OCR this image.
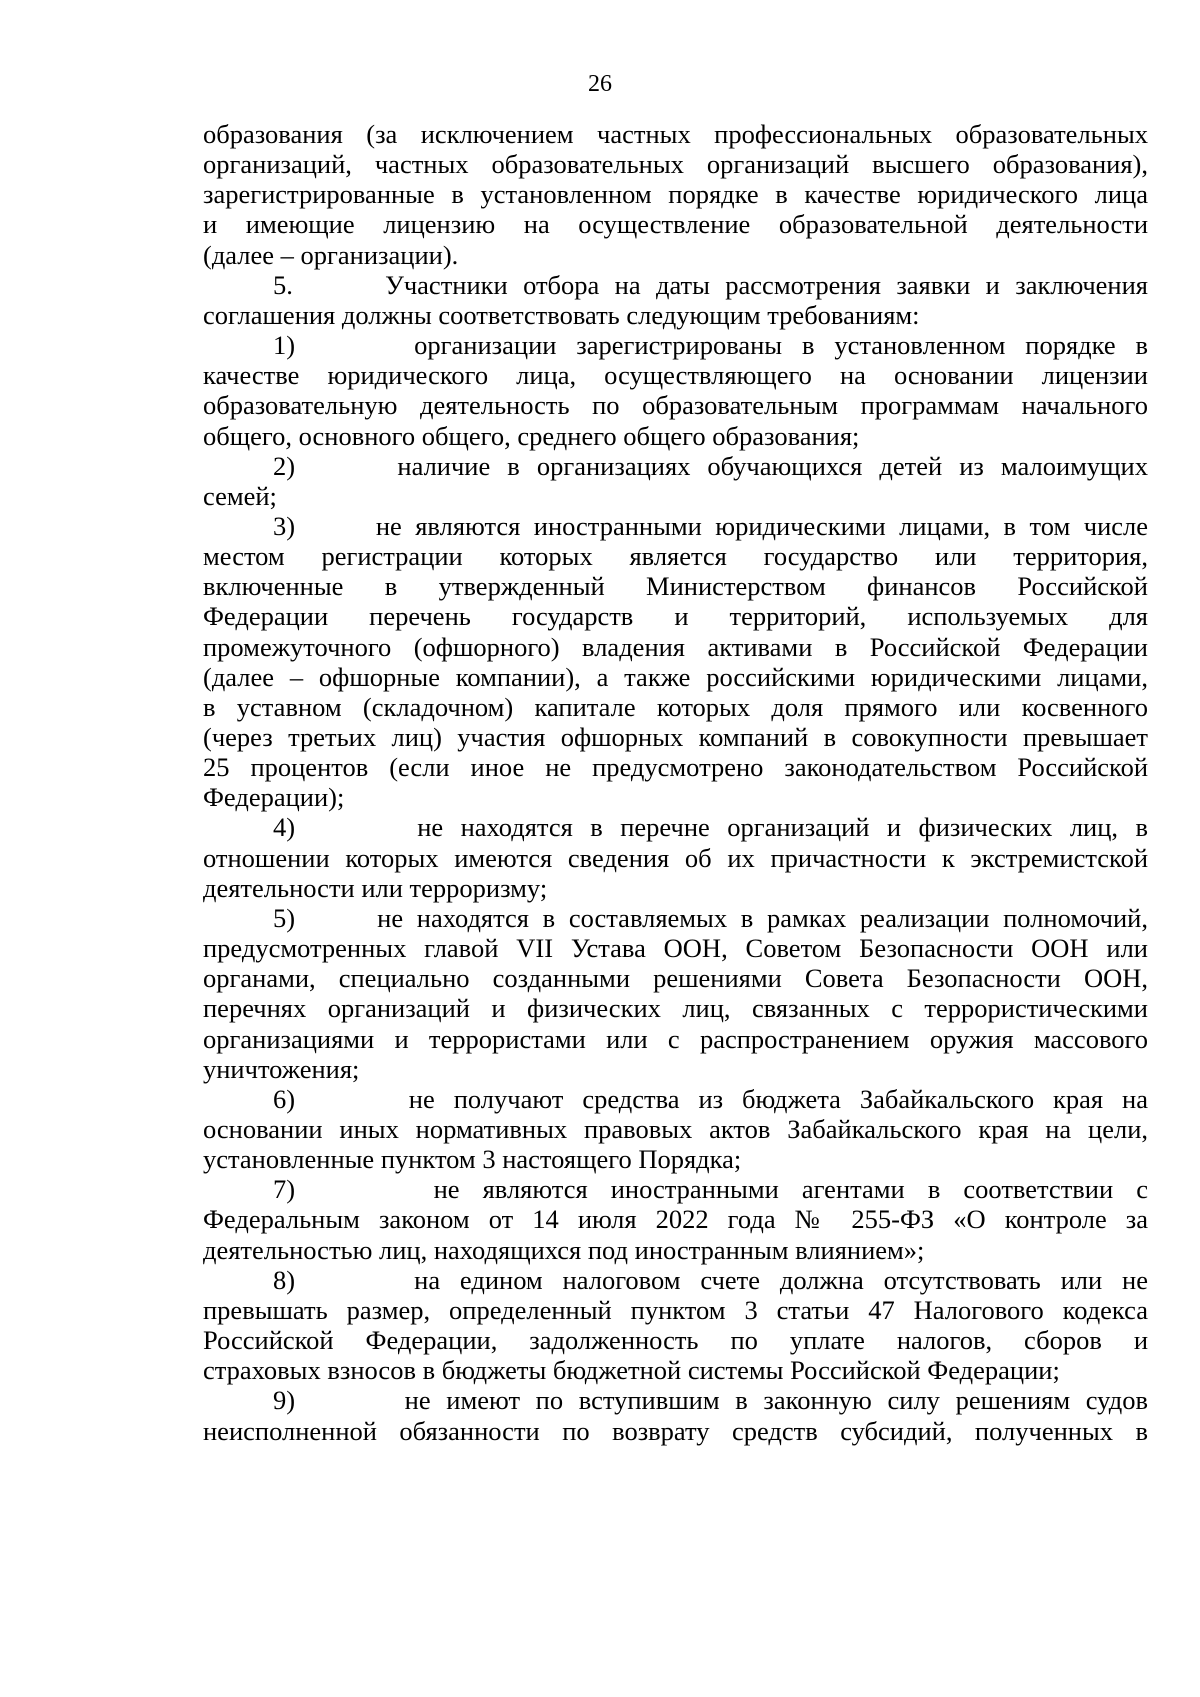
26
образования (за исключением частных профессиональных образовательных
организаций, частных образовательных организаций высшего образования),
зарегистрированные в установленном порядке в качестве юридического лица
и имеющие лицензию на осуществление образовательной деятельности
(далее – организации).
5.      Участники отбора на даты рассмотрения заявки и заключения
соглашения должны соответствовать следующим требованиям:
1)      организации зарегистрированы в установленном порядке в
качестве юридического лица, осуществляющего на основании лицензии
образовательную деятельность по образовательным программам начального
общего, основного общего, среднего общего образования;
2)      наличие в организациях обучающихся детей из малоимущих
семей;
3)      не являются иностранными юридическими лицами, в том числе
местом регистрации которых является государство или территория,
включенные в утвержденный Министерством финансов Российской
Федерации перечень государств и территорий, используемых для
промежуточного (офшорного) владения активами в Российской Федерации
(далее – офшорные компании), а также российскими юридическими лицами,
в уставном (складочном) капитале которых доля прямого или косвенного
(через третьих лиц) участия офшорных компаний в совокупности превышает
25 процентов (если иное не предусмотрено законодательством Российской
Федерации);
4)       не находятся в перечне организаций и физических лиц, в
отношении которых имеются сведения об их причастности к экстремистской
деятельности или терроризму;
5)      не находятся в составляемых в рамках реализации полномочий,
предусмотренных главой VII Устава ООН, Советом Безопасности ООН или
органами, специально созданными решениями Совета Безопасности ООН,
перечнях организаций и физических лиц, связанных с террористическими
организациями и террористами или с распространением оружия массового
уничтожения;
6)      не получают средства из бюджета Забайкальского края на
основании иных нормативных правовых актов Забайкальского края на цели,
установленные пунктом 3 настоящего Порядка;
7)      не являются иностранными агентами в соответствии с
Федеральным законом от 14 июля 2022 года № 255-ФЗ «О контроле за
деятельностью лиц, находящихся под иностранным влиянием»;
8)      на едином налоговом счете должна отсутствовать или не
превышать размер, определенный пунктом 3 статьи 47 Налогового кодекса
Российской Федерации, задолженность по уплате налогов, сборов и
страховых взносов в бюджеты бюджетной системы Российской Федерации;
9)       не имеют по вступившим в законную силу решениям судов
неисполненной обязанности по возврату средств субсидий, полученных в
